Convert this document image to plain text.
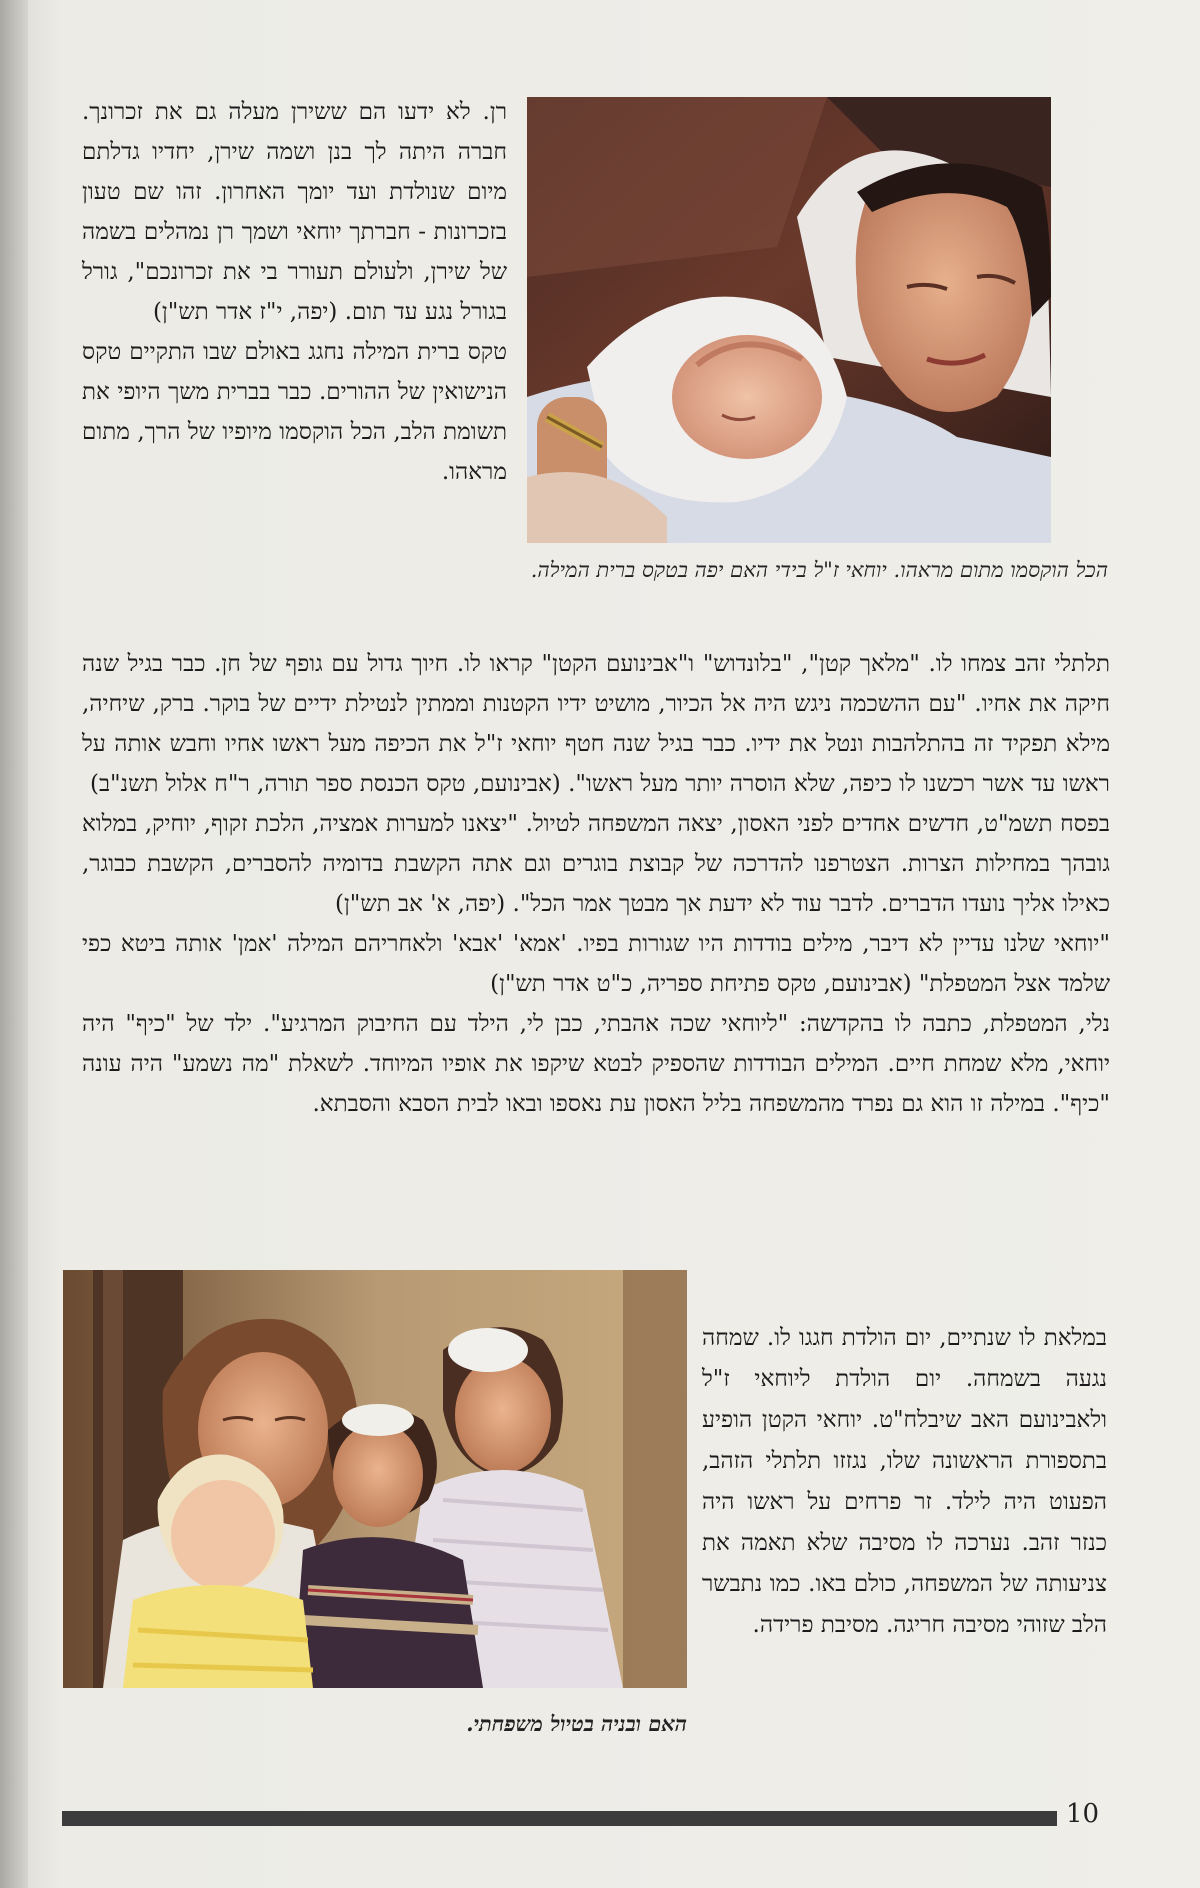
רן. לא ידעו הם ששירן מעלה גם את זכרונך. חברה היתה לך בנן ושמה שירן, יחדיו גדלתם מיום שנולדת ועד יומך האחרון. זהו שם טעון בזכרונות - חברתך יוחאי ושמך רן נמהלים בשמה של שירן, ולעולם תעורר בי את זכרונכם", גורל בגורל נגע עד תום. (יפה, י"ז אדר תש"ן)

טקס ברית המילה נחגג באולם שבו התקיים טקס הנישואין של ההורים. כבר בברית משך היופי את תשומת הלב, הכל הוקסמו מיופיו של הרך, מתום מראהו.

הכל הוקסמו מתום מראהו. יוחאי ז"ל בידי האם יפה בטקס ברית המילה.

תלתלי זהב צמחו לו. "מלאך קטן", "בלונדוש" ו"אבינועם הקטן" קראו לו. חיוך גדול עם גופף של חן. כבר בגיל שנה חיקה את אחיו. "עם ההשכמה ניגש היה אל הכיור, מושיט ידיו הקטנות וממתין לנטילת ידיים של בוקר. ברק, שיחיה, מילא תפקיד זה בהתלהבות ונטל את ידיו. כבר בגיל שנה חטף יוחאי ז"ל את הכיפה מעל ראשו אחיו וחבש אותה על ראשו עד אשר רכשנו לו כיפה, שלא הוסרה יותר מעל ראשו". (אבינועם, טקס הכנסת ספר תורה, ר"ח אלול תשנ"ב)

בפסח תשמ"ט, חדשים אחדים לפני האסון, יצאה המשפחה לטיול. "יצאנו למערות אמציה, הלכת זקוף, יוחיק, במלוא גובהך במחילות הצרות. הצטרפנו להדרכה של קבוצת בוגרים וגם אתה הקשבת בדומיה להסברים, הקשבת כבוגר, כאילו אליך נועדו הדברים. לדבר עוד לא ידעת אך מבטך אמר הכל". (יפה, א' אב תש"ן)

"יוחאי שלנו עדיין לא דיבר, מילים בודדות היו שגורות בפיו. 'אמא' 'אבא' ולאחריהם המילה 'אמן' אותה ביטא כפי שלמד אצל המטפלת" (אבינועם, טקס פתיחת ספריה, כ"ט אדר תש"ן)

נלי, המטפלת, כתבה לו בהקדשה: "ליוחאי שכה אהבתי, כבן לי, הילד עם החיבוק המרגיע". ילד של "כיף" היה יוחאי, מלא שמחת חיים. המילים הבודדות שהספיק לבטא שיקפו את אופיו המיוחד. לשאלת "מה נשמע" היה עונה "כיף". במילה זו הוא גם נפרד מהמשפחה בליל האסון עת נאספו ובאו לבית הסבא והסבתא.

במלאת לו שנתיים, יום הולדת חגגו לו. שמחה נגעה בשמחה. יום הולדת ליוחאי ז"ל ולאבינועם האב שיבלח"ט. יוחאי הקטן הופיע בתספורת הראשונה שלו, נגזזו תלתלי הזהב, הפעוט היה לילד. זר פרחים על ראשו היה כנזר זהב. נערכה לו מסיבה שלא תאמה את צניעותה של המשפחה, כולם באו. כמו נתבשר הלב שזוהי מסיבה חריגה. מסיבת פרידה.

האם ובניה בטיול משפחתי.
10
